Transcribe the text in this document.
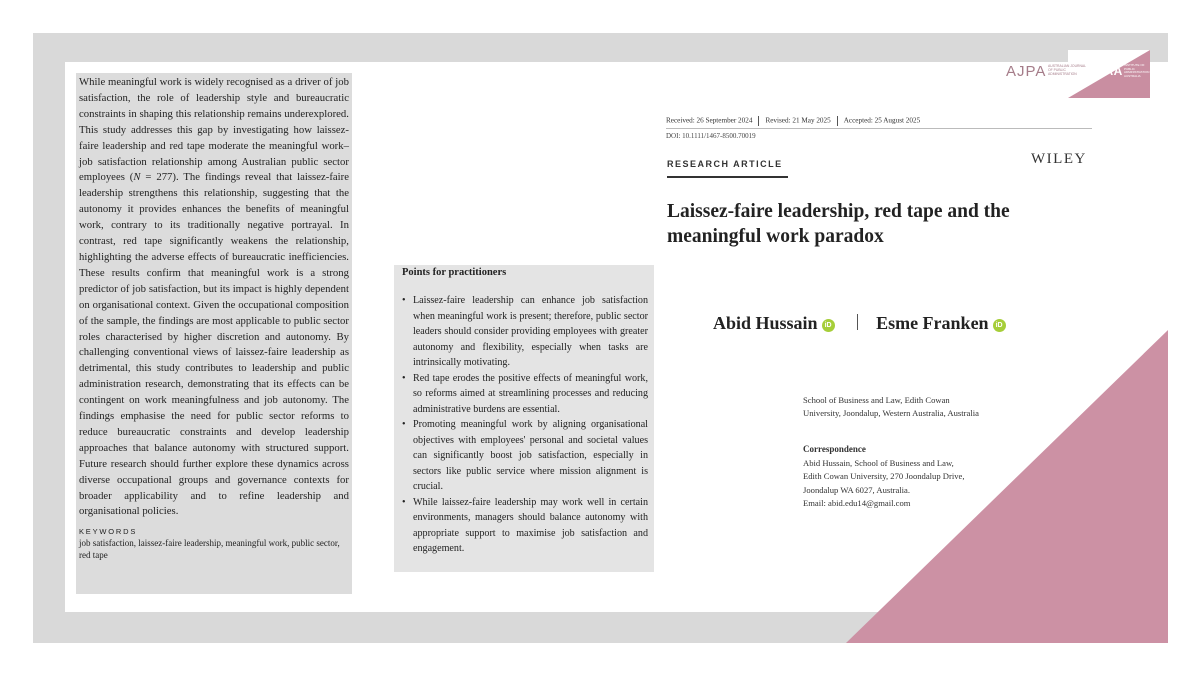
AJPA AUSTRALIAN JOURNAL OF PUBLIC ADMINISTRATION	IPAA INSTITUTE OF PUBLIC ADMINISTRATION AUSTRALIA

While meaningful work is widely recognised as a driver of job satisfaction, the role of leadership style and bureaucratic constraints in shaping this relationship remains underexplored. This study addresses this gap by investigating how laissez-faire leadership and red tape moderate the meaningful work–job satisfaction relationship among Australian public sector employees (N = 277). The findings reveal that laissez-faire leadership strengthens this relationship, suggesting that the autonomy it provides enhances the benefits of meaningful work, contrary to its traditionally negative portrayal. In contrast, red tape significantly weakens the relationship, highlighting the adverse effects of bureaucratic inefficiencies. These results confirm that meaningful work is a strong predictor of job satisfaction, but its impact is highly dependent on organisational context. Given the occupational composition of the sample, the findings are most applicable to public sector roles characterised by higher discretion and autonomy. By challenging conventional views of laissez-faire leadership as detrimental, this study contributes to leadership and public administration research, demonstrating that its effects can be contingent on work meaningfulness and job autonomy. The findings emphasise the need for public sector reforms to reduce bureaucratic constraints and develop leadership approaches that balance autonomy with structured support. Future research should further explore these dynamics across diverse occupational groups and governance contexts for broader applicability and to refine leadership and organisational policies.

KEYWORDS
job satisfaction, laissez-faire leadership, meaningful work, public sector, red tape
Points for practitioners
• Laissez-faire leadership can enhance job satisfaction when meaningful work is present; therefore, public sector leaders should consider providing employees with greater autonomy and flexibility, especially when tasks are intrinsically motivating.
• Red tape erodes the positive effects of meaningful work, so reforms aimed at streamlining processes and reducing administrative burdens are essential.
• Promoting meaningful work by aligning organisational objectives with employees' personal and societal values can significantly boost job satisfaction, especially in sectors like public service where mission alignment is crucial.
• While laissez-faire leadership may work well in certain environments, managers should balance autonomy with appropriate support to maximise job satisfaction and engagement.
Received: 26 September 2024 Revised: 21 May 2025 Accepted: 25 August 2025
DOI: 10.1111/1467-8500.70019
RESEARCH ARTICLE	WILEY
Laissez-faire leadership, red tape and the meaningful work paradox
Abid Hussain iD Esme Franken iD
School of Business and Law, Edith Cowan University, Joondalup, Western Australia, Australia
Correspondence
Abid Hussain, School of Business and Law, Edith Cowan University, 270 Joondalup Drive, Joondalup WA 6027, Australia.
Email: abid.edu14@gmail.com
